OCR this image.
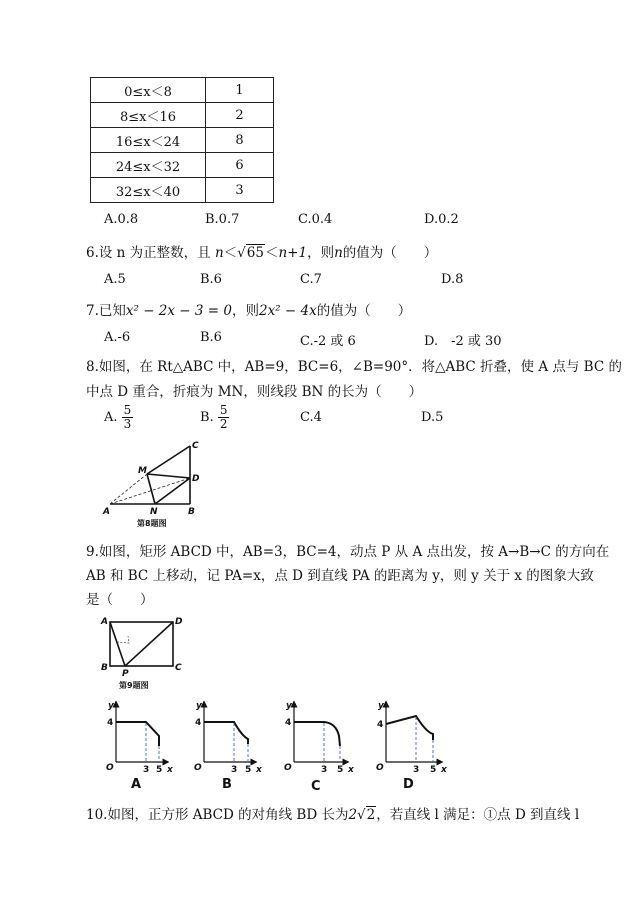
0≤x＜8	1
8≤x＜16	2
16≤x＜24	8
24≤x＜32	6
32≤x＜40	3
A.0.8	B.0.7	C.0.4	D.0.2
6.设 n 为正整数，且 n＜√65＜n+1，则n的值为（　　）
A.5	B.6	C.7	D.8
7.已知x² − 2x − 3 = 0，则2x² − 4x的值为（　　）
A.-6	B.6	C.-2 或 6	D.　-2 或 30
8.如图，在 Rt△ABC 中，AB=9，BC=6，∠B=90°．将△ABC 折叠，使 A 点与 BC 的
中点 D 重合，折痕为 MN，则线段 BN 的长为（　　）
A. $\frac{5}{3}$	B. $\frac{5}{2}$	C.4	D.5
C
M
D
A	N	B
第8题图
9.如图，矩形 ABCD 中，AB=3，BC=4，动点 P 从 A 点出发，按 A→B→C 的方向在
AB 和 BC 上移动，记 PA=x，点 D 到直线 PA 的距离为 y，则 y 关于 x 的图象大致
是（　　）
A	D
B
P
C
第9题图
y
4
O	3 5 x
A
y
4
O	3 5 x
B
y
4
O	3 5 x
C
y
4
O	3 5 x
D
10.如图，正方形 ABCD 的对角线 BD 长为2√2，若直线 l 满足：①点 D 到直线 l
